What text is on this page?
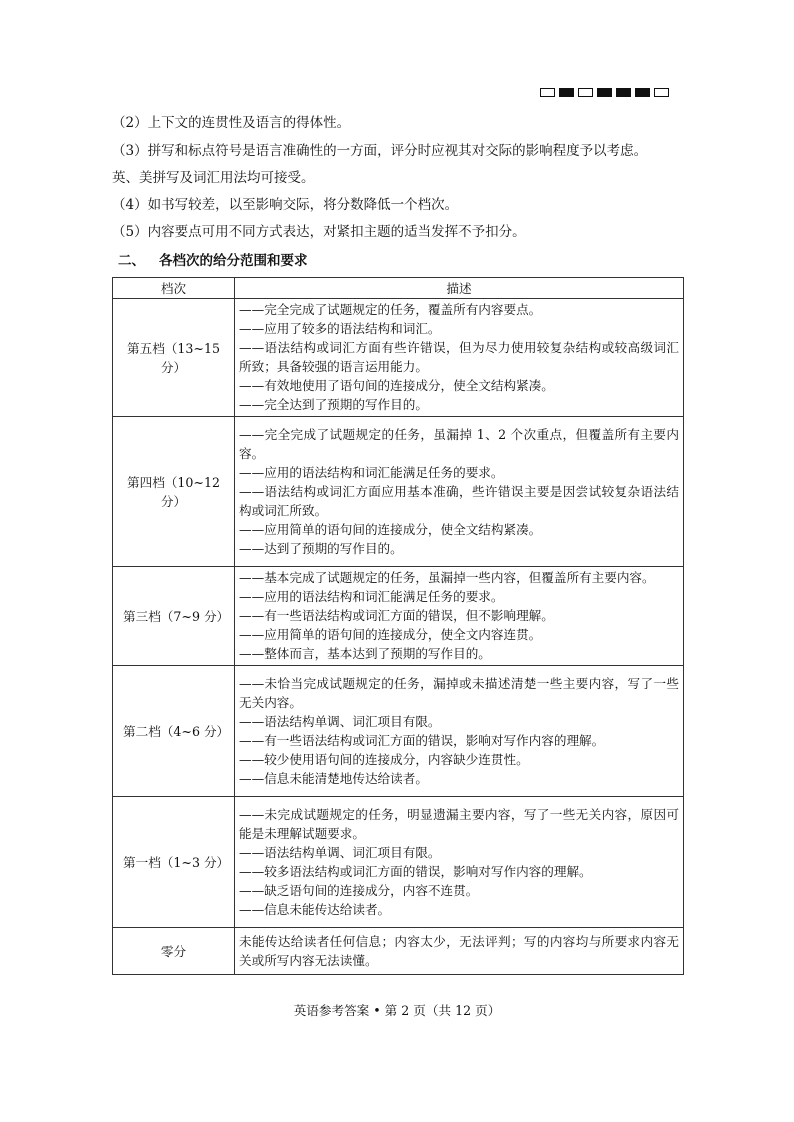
（2）上下文的连贯性及语言的得体性。

（3）拼写和标点符号是语言准确性的一方面，评分时应视其对交际的影响程度予以考虑。

英、美拼写及词汇用法均可接受。

（4）如书写较差，以至影响交际，将分数降低一个档次。

（5）内容要点可用不同方式表达，对紧扣主题的适当发挥不予扣分。

二、 各档次的给分范围和要求
档次	描述
第五档（13~15分）	——完全完成了试题规定的任务，覆盖所有内容要点。
——应用了较多的语法结构和词汇。
——语法结构或词汇方面有些许错误，但为尽力使用较复杂结构或较高级词汇所致；具备较强的语言运用能力。
——有效地使用了语句间的连接成分，使全文结构紧凑。
——完全达到了预期的写作目的。

第四档（10~12分）	——完全完成了试题规定的任务，虽漏掉 1、2 个次重点，但覆盖所有主要内容。
——应用的语法结构和词汇能满足任务的要求。
——语法结构或词汇方面应用基本准确，些许错误主要是因尝试较复杂语法结构或词汇所致。
——应用简单的语句间的连接成分，使全文结构紧凑。
——达到了预期的写作目的。

第三档（7~9 分）	——基本完成了试题规定的任务，虽漏掉一些内容，但覆盖所有主要内容。
——应用的语法结构和词汇能满足任务的要求。
——有一些语法结构或词汇方面的错误，但不影响理解。
——应用简单的语句间的连接成分，使全文内容连贯。
——整体而言，基本达到了预期的写作目的。

第二档（4~6 分）	——未恰当完成试题规定的任务，漏掉或未描述清楚一些主要内容，写了一些无关内容。
——语法结构单调、词汇项目有限。
——有一些语法结构或词汇方面的错误，影响对写作内容的理解。
——较少使用语句间的连接成分，内容缺少连贯性。
——信息未能清楚地传达给读者。

第一档（1~3 分）	——未完成试题规定的任务，明显遗漏主要内容，写了一些无关内容，原因可能是未理解试题要求。
——语法结构单调、词汇项目有限。
——较多语法结构或词汇方面的错误，影响对写作内容的理解。
——缺乏语句间的连接成分，内容不连贯。
——信息未能传达给读者。

零分	未能传达给读者任何信息；内容太少，无法评判；写的内容均与所要求内容无关或所写内容无法读懂。
英语参考答案 • 第 2 页（共 12 页）
